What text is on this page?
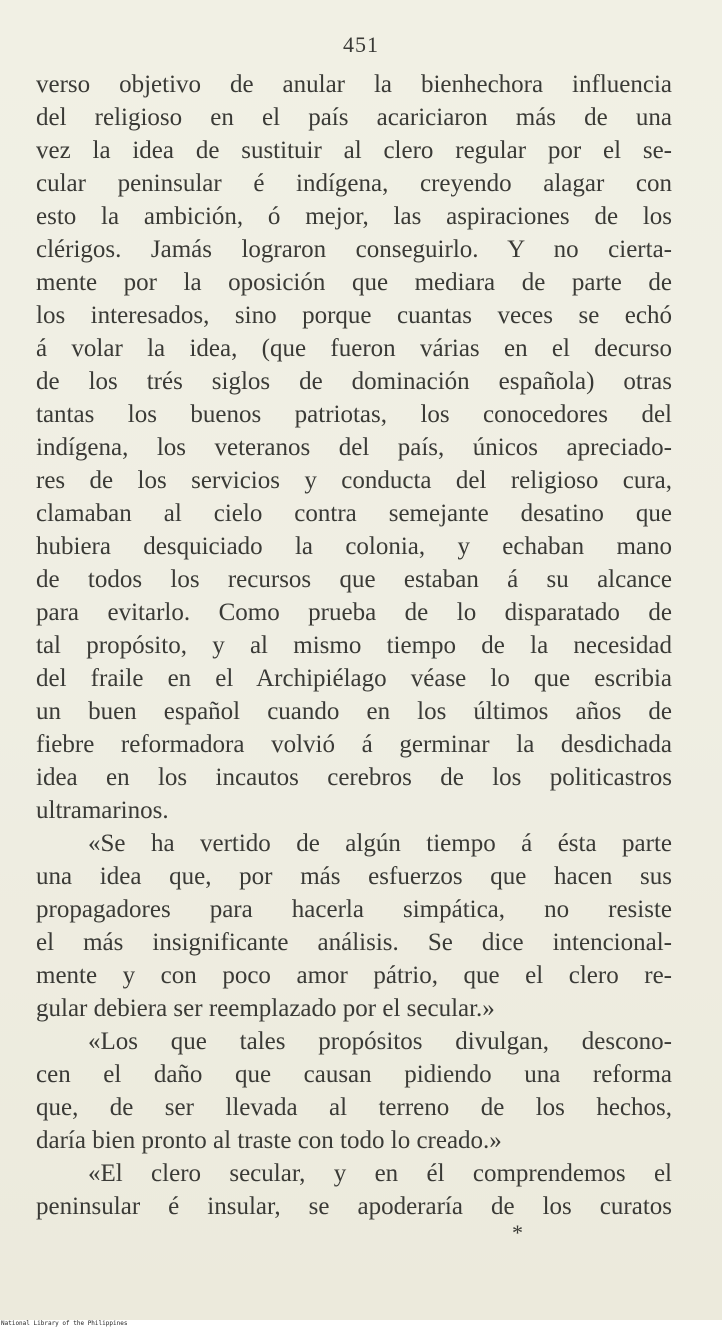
451
verso objetivo de anular la bienhechora influencia
del religioso en el país acariciaron más de una
vez la idea de sustituir al clero regular por el se-
cular peninsular é indígena, creyendo alagar con
esto la ambición, ó mejor, las aspiraciones de los
clérigos. Jamás lograron conseguirlo. Y no cierta-
mente por la oposición que mediara de parte de
los interesados, sino porque cuantas veces se echó
á volar la idea, (que fueron várias en el decurso
de los trés siglos de dominación española) otras
tantas los buenos patriotas, los conocedores del
indígena, los veteranos del país, únicos apreciado-
res de los servicios y conducta del religioso cura,
clamaban al cielo contra semejante desatino que
hubiera desquiciado la colonia, y echaban mano
de todos los recursos que estaban á su alcance
para evitarlo. Como prueba de lo disparatado de
tal propósito, y al mismo tiempo de la necesidad
del fraile en el Archipiélago véase lo que escribia
un buen español cuando en los últimos años de
fiebre reformadora volvió á germinar la desdichada
idea en los incautos cerebros de los politicastros
ultramarinos.
«Se ha vertido de algún tiempo á ésta parte
una idea que, por más esfuerzos que hacen sus
propagadores para hacerla simpática, no resiste
el más insignificante análisis. Se dice intencional-
mente y con poco amor pátrio, que el clero re-
gular debiera ser reemplazado por el secular.»
«Los que tales propósitos divulgan, descono-
cen el daño que causan pidiendo una reforma
que, de ser llevada al terreno de los hechos,
daría bien pronto al traste con todo lo creado.»
«El clero secular, y en él comprendemos el
peninsular é insular, se apoderaría de los curatos
*
National Library of the Philippines
